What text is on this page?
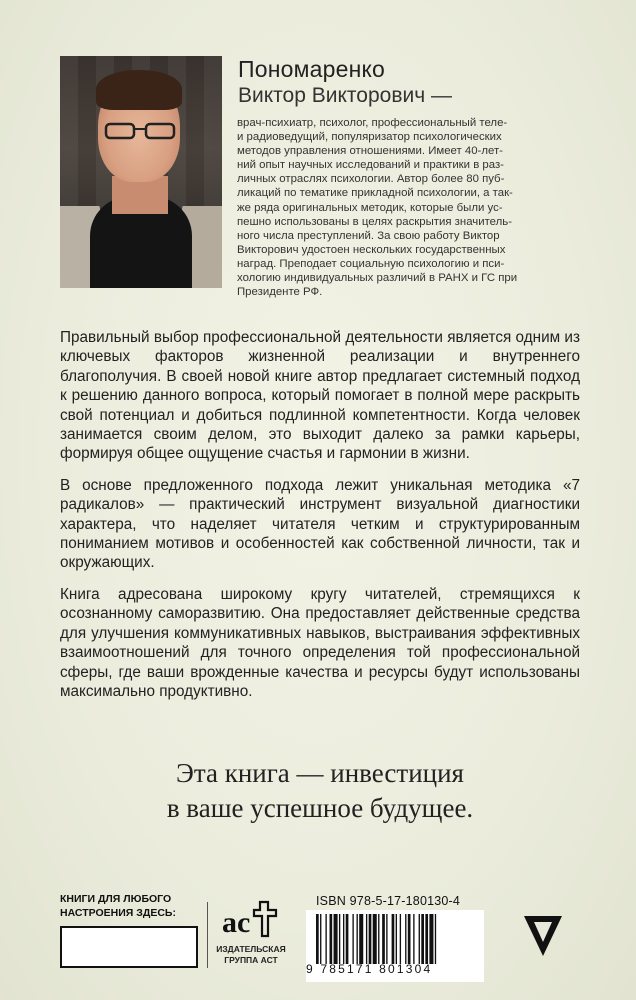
Пономаренко
Виктор Викторович —
врач-психиатр, психолог, профессиональный теле-
и радиоведущий, популяризатор психологических
методов управления отношениями. Имеет 40-лет-
ний опыт научных исследований и практики в раз-
личных отраслях психологии. Автор более 80 пуб-
ликаций по тематике прикладной психологии, а так-
же ряда оригинальных методик, которые были ус-
пешно использованы в целях раскрытия значитель-
ного числа преступлений. За свою работу Виктор
Викторович удостоен нескольких государственных
наград. Преподает социальную психологию и пси-
хологию индивидуальных различий в РАНХ и ГС при
Президенте РФ.

Правильный выбор профессиональной деятельности является одним из ключевых факторов жизненной реализации и внутреннего благополучия. В своей новой книге автор предлагает системный подход к решению данного вопроса, который помогает в полной мере раскрыть свой потенциал и добиться подлинной компетентности. Когда человек занимается своим делом, это выходит далеко за рамки карьеры, формируя общее ощущение счастья и гармонии в жизни.

В основе предложенного подхода лежит уникальная методика «7 радикалов» — практический инструмент визуальной диагностики характера, что наделяет читателя четким и структурированным пониманием мотивов и особенностей как собственной личности, так и окружающих.

Книга адресована широкому кругу читателей, стремящихся к осознанному саморазвитию. Она предоставляет действенные средства для улучшения коммуникативных навыков, выстраивания эффективных взаимоотношений для точного определения той профессиональной сферы, где ваши врожденные качества и ресурсы будут использованы максимально продуктивно.

Эта книга — инвестиция
в ваше успешное будущее.
КНИГИ ДЛЯ ЛЮБОГО
НАСТРОЕНИЯ ЗДЕСЬ:	ас
ИЗДАТЕЛЬСКАЯ
ГРУППА АСТ
ISBN 978-5-17-180130-4
9 785171 801304
